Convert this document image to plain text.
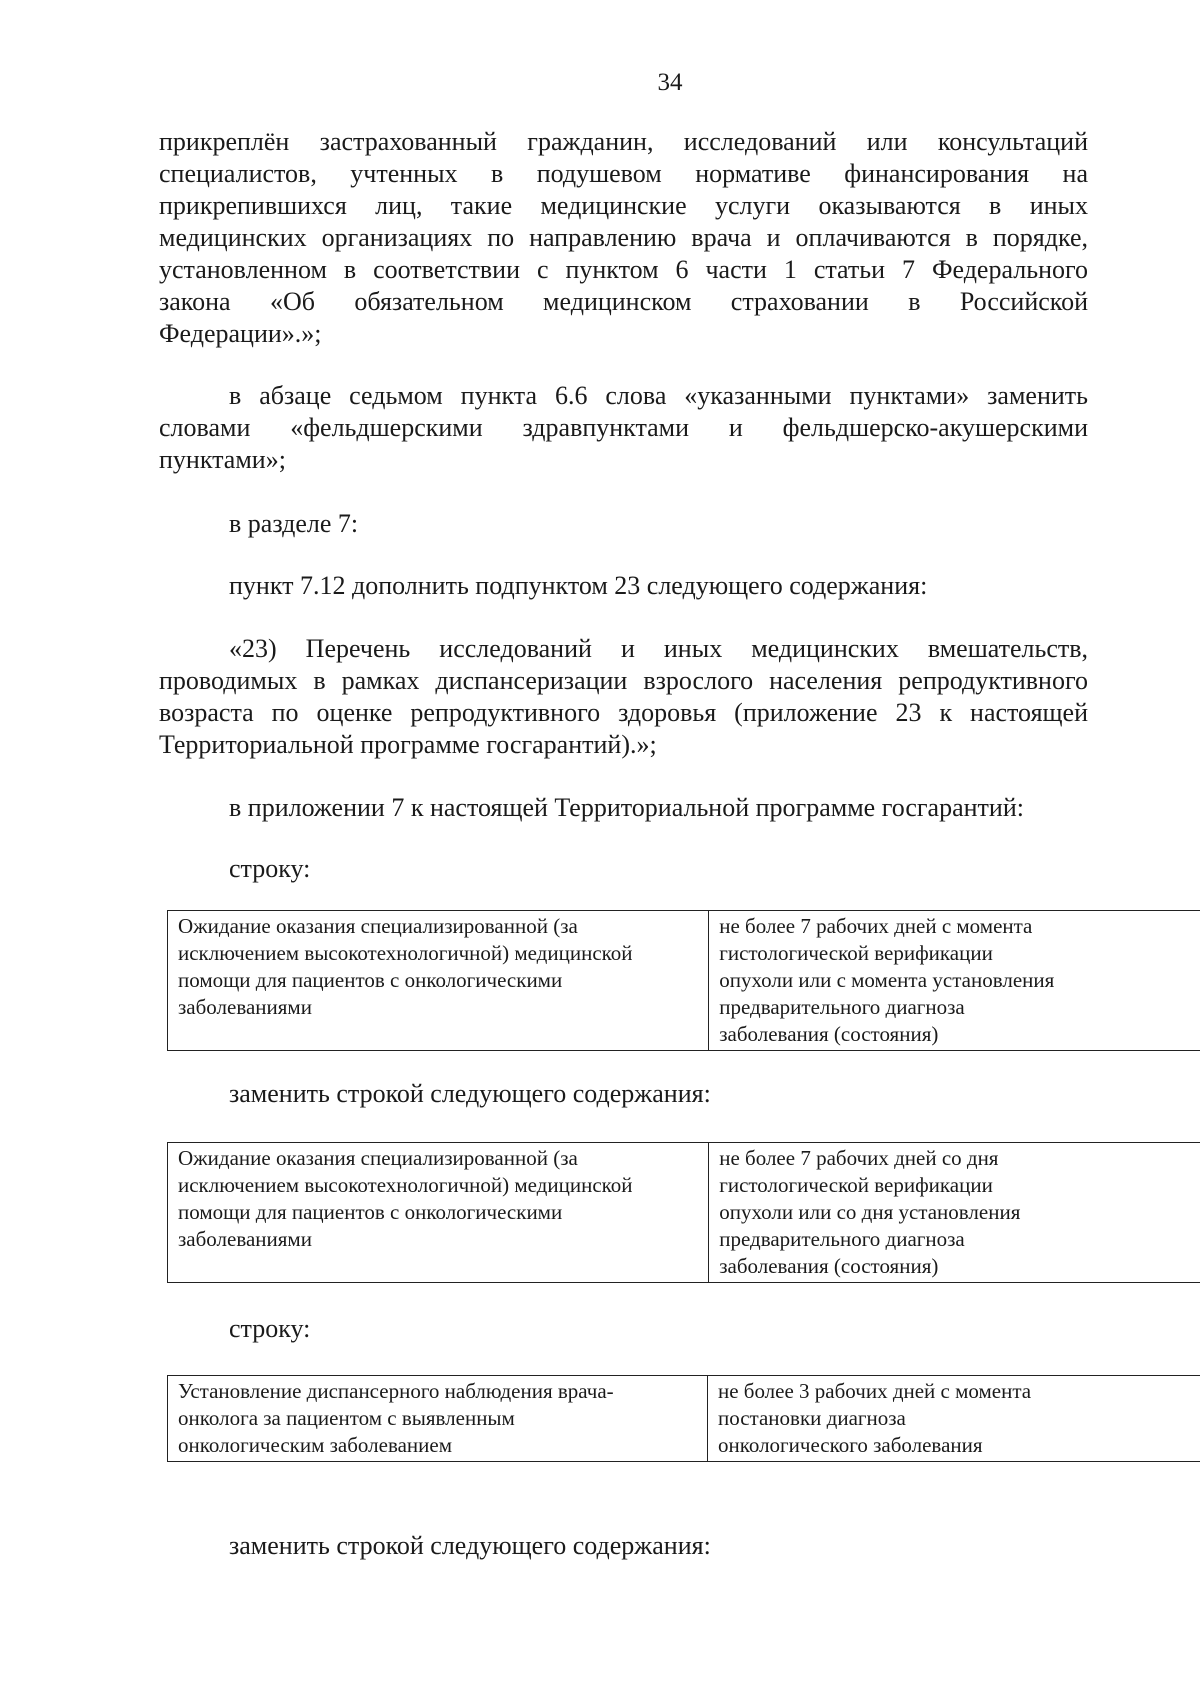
34
прикреплён застрахованный гражданин, исследований или консультаций
специалистов, учтенных в подушевом нормативе финансирования на
прикрепившихся лиц, такие медицинские услуги оказываются в иных
медицинских организациях по направлению врача и оплачиваются в порядке,
установленном в соответствии с пунктом 6 части 1 статьи 7 Федерального
закона «Об обязательном медицинском страховании в Российской
Федерации».»;
в абзаце седьмом пункта 6.6 слова «указанными пунктами» заменить
словами «фельдшерскими здравпунктами и фельдшерско-акушерскими
пунктами»;
в разделе 7:
пункт 7.12 дополнить подпунктом 23 следующего содержания:
«23) Перечень исследований и иных медицинских вмешательств,
проводимых в рамках диспансеризации взрослого населения репродуктивного
возраста по оценке репродуктивного здоровья (приложение 23 к настоящей
Территориальной программе госгарантий).»;
в приложении 7 к настоящей Территориальной программе госгарантий:
строку:
Ожидание оказания специализированной (за
исключением высокотехнологичной) медицинской
помощи для пациентов с онкологическими
заболеваниями

не более 7 рабочих дней с момента
гистологической верификации
опухоли или с момента установления
предварительного диагноза
заболевания (состояния)
заменить строкой следующего содержания:
Ожидание оказания специализированной (за
исключением высокотехнологичной) медицинской
помощи для пациентов с онкологическими
заболеваниями

не более 7 рабочих дней со дня
гистологической верификации
опухоли или со дня установления
предварительного диагноза
заболевания (состояния)
строку:
Установление диспансерного наблюдения врача-
онколога за пациентом с выявленным
онкологическим заболеванием

не более 3 рабочих дней с момента
постановки диагноза
онкологического заболевания
заменить строкой следующего содержания:
